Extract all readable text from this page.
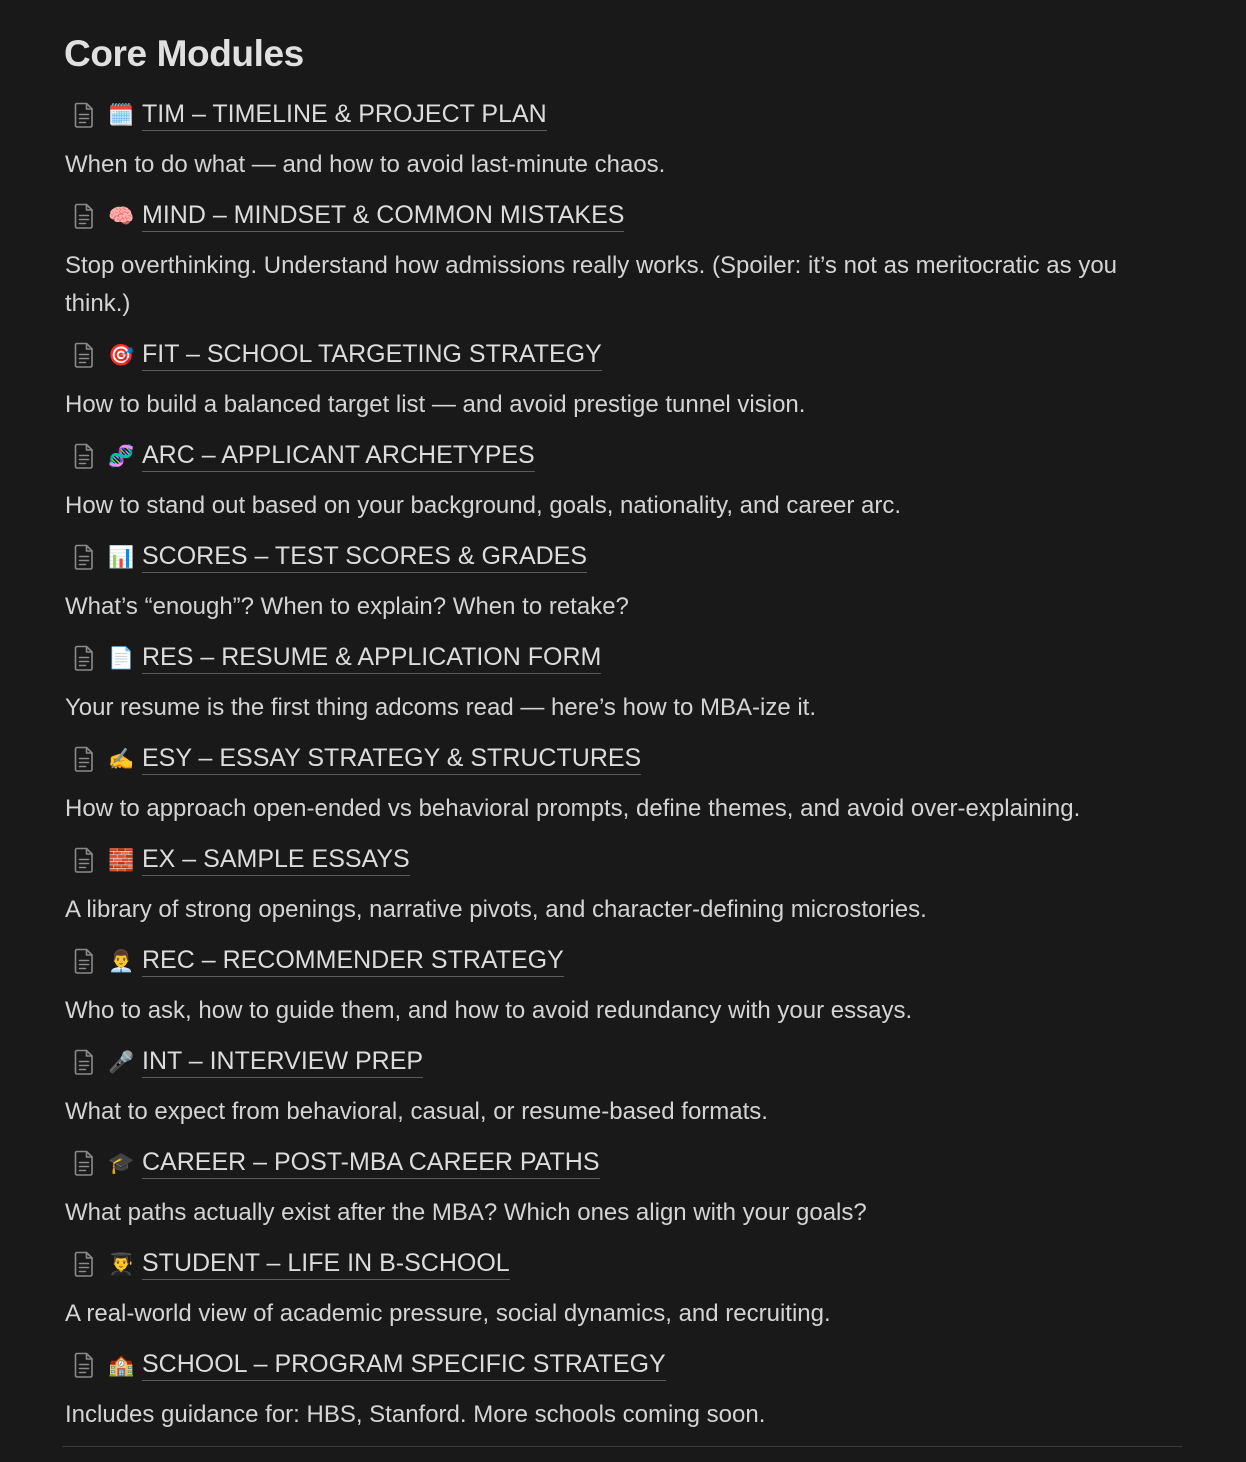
Core Modules
🗓️ TIM – TIMELINE & PROJECT PLAN

When to do what — and how to avoid last-minute chaos.

🧠 MIND – MINDSET & COMMON MISTAKES

Stop overthinking. Understand how admissions really works. (Spoiler: it’s not as meritocratic as you think.)

🎯 FIT – SCHOOL TARGETING STRATEGY

How to build a balanced target list — and avoid prestige tunnel vision.

🧬 ARC – APPLICANT ARCHETYPES

How to stand out based on your background, goals, nationality, and career arc.

📊 SCORES – TEST SCORES & GRADES

What’s “enough”? When to explain? When to retake?

📄 RES – RESUME & APPLICATION FORM

Your resume is the first thing adcoms read — here’s how to MBA-ize it.

✍️ ESY – ESSAY STRATEGY & STRUCTURES

How to approach open-ended vs behavioral prompts, define themes, and avoid over-explaining.

🧱 EX – SAMPLE ESSAYS

A library of strong openings, narrative pivots, and character-defining microstories.

👨‍💼 REC – RECOMMENDER STRATEGY

Who to ask, how to guide them, and how to avoid redundancy with your essays.

🎤 INT – INTERVIEW PREP

What to expect from behavioral, casual, or resume-based formats.

🎓 CAREER – POST-MBA CAREER PATHS

What paths actually exist after the MBA? Which ones align with your goals?

👨‍🎓 STUDENT – LIFE IN B-SCHOOL

A real-world view of academic pressure, social dynamics, and recruiting.

🏫 SCHOOL – PROGRAM SPECIFIC STRATEGY

Includes guidance for: HBS, Stanford. More schools coming soon.
